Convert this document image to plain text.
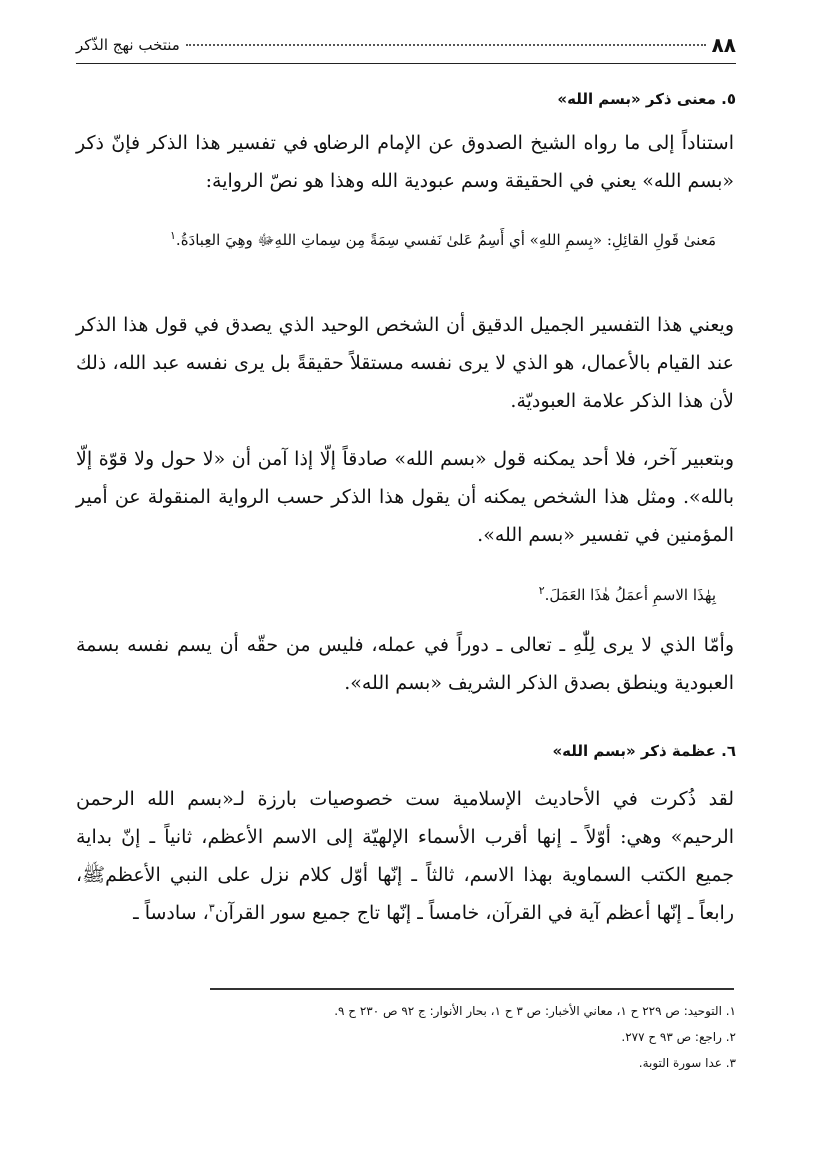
٨٨
منتخب نهج الذّكر
٥. معنى ذكر «بسم الله»

استناداً إلى ما رواه الشيخ الصدوق عن الإمام الرضا؈ في تفسير هذا الذكر فإنّ ذكر «بسم الله» يعني في الحقيقة وسم عبودية الله وهذا هو نصّ الرواية:

مَعنىٰ قَولِ القائِلِ: «بِسمِ اللهِ» أي أَسِمُ عَلىٰ نَفسي سِمَةً مِن سِماتِ اللهِ‎ﷻ وهِيَ العِبادَةُ.$^١$

ويعني هذا التفسير الجميل الدقيق أن الشخص الوحيد الذي يصدق في قول هذا الذكر عند القيام بالأعمال، هو الذي لا يرى نفسه مستقلاً حقيقةً بل يرى نفسه عبد الله، ذلك لأن هذا الذكر علامة العبوديّة.

وبتعبير آخر، فلا أحد يمكنه قول «بسم الله» صادقاً إلّا إذا آمن أن «لا حول ولا قوّة إلّا بالله». ومثل هذا الشخص يمكنه أن يقول هذا الذكر حسب الرواية المنقولة عن أمير المؤمنين في تفسير «بسم الله».

بِهٰذَا الاسمِ أعمَلُ هٰذَا العَمَلَ.$^٢$

وأمّا الذي لا يرى لِلّٰهِ ـ تعالى ـ دوراً في عمله، فليس من حقّه أن يسم نفسه بسمة العبودية وينطق بصدق الذكر الشريف «بسم الله».

٦. عظمة ذكر «بسم الله»

لقد ذُكرت في الأحاديث الإسلامية ست خصوصيات بارزة لـ«بسم الله الرحمن الرحيم» وهي: أوّلاً ـ إنها أقرب الأسماء الإلهيّة إلى الاسم الأعظم، ثانياً ـ إنّ بداية جميع الكتب السماوية بهذا الاسم، ثالثاً ـ إنّها أوّل كلام نزل على النبي الأعظم‎ﷺ، رابعاً ـ إنّها أعظم آية في القرآن، خامساً ـ إنّها تاج جميع سور القرآن$^٣$، سادساً ـ

١. التوحيد: ص ٢٢٩ ح ١، معاني الأخبار: ص ٣ ح ١، بحار الأنوار: ج ٩٢ ص ٢٣٠ ح ٩.

٢. راجع: ص ٩٣ ح ٢٧٧.

٣. عدا سورة التوبة.
